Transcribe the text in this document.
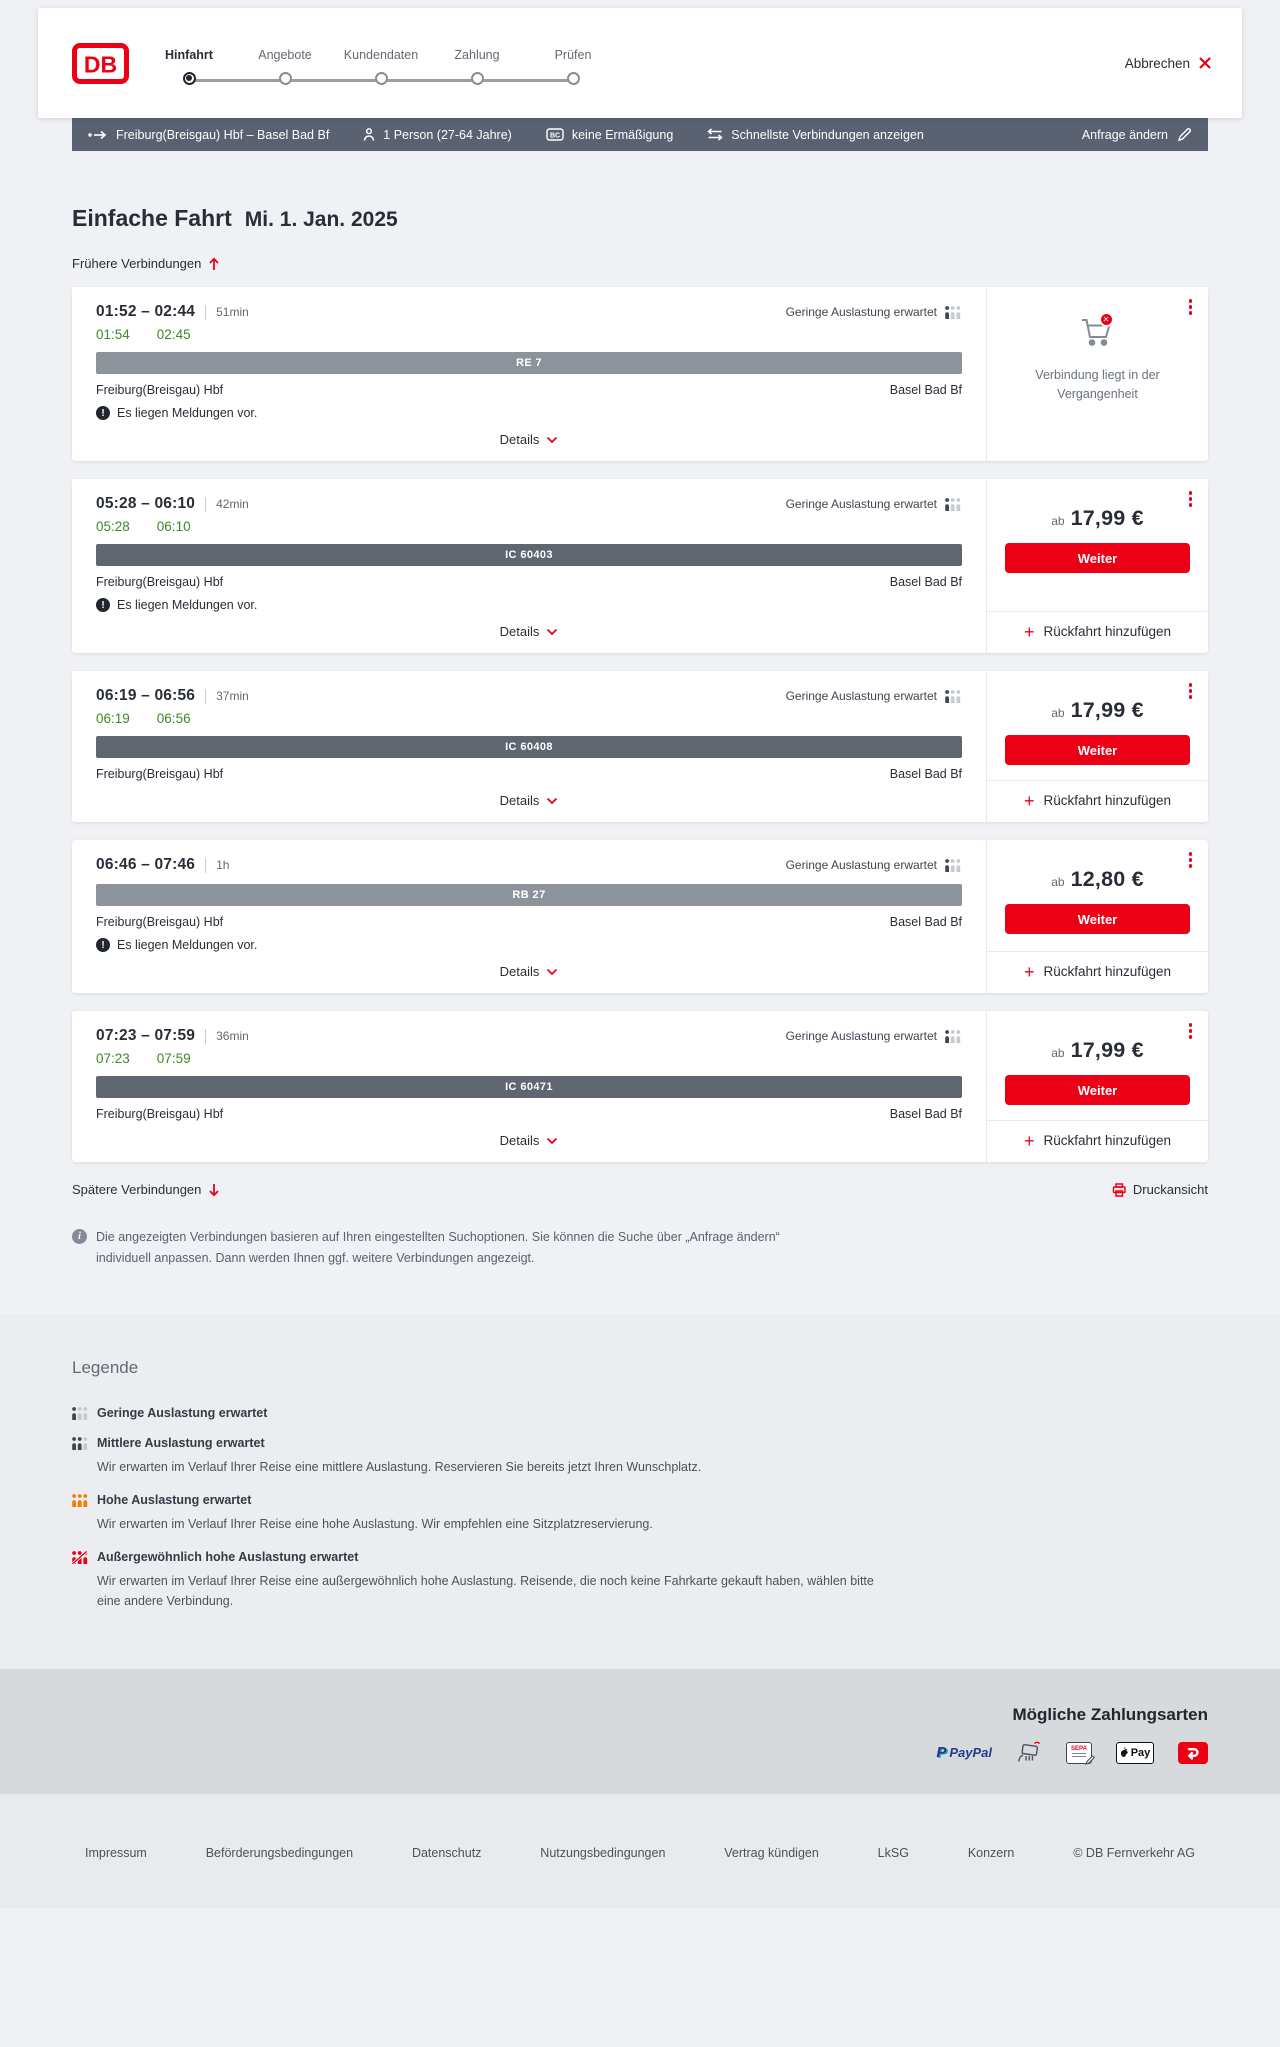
DB	Hinfahrt	Angebote	Kundendaten	Zahlung	Prüfen
Abbrechen
Freiburg(Breisgau) Hbf – Basel Bad Bf	1 Person (27-64 Jahre)	BC keine Ermäßigung	Schnellste Verbindungen anzeigen	Anfrage ändern
Einfache Fahrt Mi. 1. Jan. 2025
Frühere Verbindungen
01:52 – 02:44 51min	Geringe Auslastung erwartet
01:54 02:45
RE 7
Freiburg(Breisgau) Hbf	Basel Bad Bf
! Es liegen Meldungen vor.
Details
✕

Verbindung liegt in der Vergangenheit

05:28 – 06:10 42min	Geringe Auslastung erwartet
05:28 06:10
IC 60403
Freiburg(Breisgau) Hbf	Basel Bad Bf
! Es liegen Meldungen vor.
Details
ab 17,99 €
Weiter
+ Rückfahrt hinzufügen
06:19 – 06:56 37min	Geringe Auslastung erwartet
06:19 06:56
IC 60408
Freiburg(Breisgau) Hbf	Basel Bad Bf
Details
ab 17,99 €
Weiter
+ Rückfahrt hinzufügen
06:46 – 07:46 1h	Geringe Auslastung erwartet
RB 27
Freiburg(Breisgau) Hbf	Basel Bad Bf
! Es liegen Meldungen vor.
Details
ab 12,80 €
Weiter
+ Rückfahrt hinzufügen
07:23 – 07:59 36min	Geringe Auslastung erwartet
07:23 07:59
IC 60471
Freiburg(Breisgau) Hbf	Basel Bad Bf
Details
ab 17,99 €
Weiter
+ Rückfahrt hinzufügen
Spätere Verbindungen	Druckansicht
i	Die angezeigten Verbindungen basieren auf Ihren eingestellten Suchoptionen. Sie können die Suche über „Anfrage ändern“ individuell anpassen. Dann werden Ihnen ggf. weitere Verbindungen angezeigt.

Legende
Geringe Auslastung erwartet
Mittlere Auslastung erwartet

Wir erwarten im Verlauf Ihrer Reise eine mittlere Auslastung. Reservieren Sie bereits jetzt Ihren Wunschplatz.

Hohe Auslastung erwartet

Wir erwarten im Verlauf Ihrer Reise eine hohe Auslastung. Wir empfehlen eine Sitzplatzreservierung.

Außergewöhnlich hohe Auslastung erwartet

Wir erwarten im Verlauf Ihrer Reise eine außergewöhnlich hohe Auslastung. Reisende, die noch keine Fahrkarte gekauft haben, wählen bitte eine andere Verbindung.

Mögliche Zahlungsarten
P PayPal	SEPA	Pay
Impressum	Beförderungsbedingungen	Datenschutz	Nutzungsbedingungen	Vertrag kündigen	LkSG	Konzern	© DB Fernverkehr AG
